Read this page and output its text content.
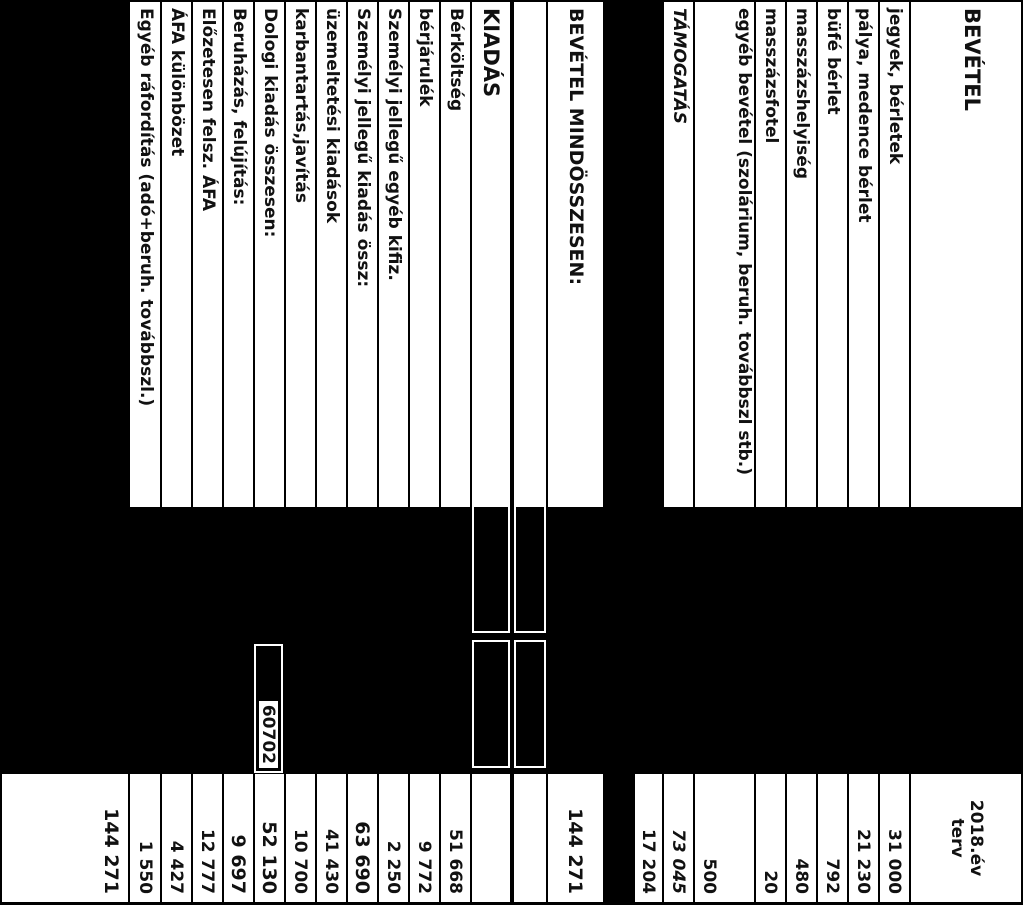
BEVÉTEL
2018.év
terv
jegyek, bérletek
31 000
pálya, medence bérlet
21 230
büfé bérlet
792
masszázshelyiség
480
masszázsfotel
20
egyéb bevétel (szolárium, beruh. továbbszl stb.)
500
TÁMOGATÁS
73 045
17 204
BEVÉTEL MINDÖSSZESEN:
144 271
KIADÁS
Bérköltség
51 668
bérjárulék
9 772
Személyi jellegű egyéb kifiz.
2 250
Személyi jellegű kiadás össz:
63 690
üzemeltetési kiadások
41 430
karbantartás,javítás
10 700
Dologi kiadás összesen:
52 130
Beruházás, felújítás:
9 697
Előzetesen felsz. ÁFA
12 777
ÁFA különbözet
4 427
Egyéb ráfordítás (adó+beruh. továbbszl.)
1 550
144 271
60702
